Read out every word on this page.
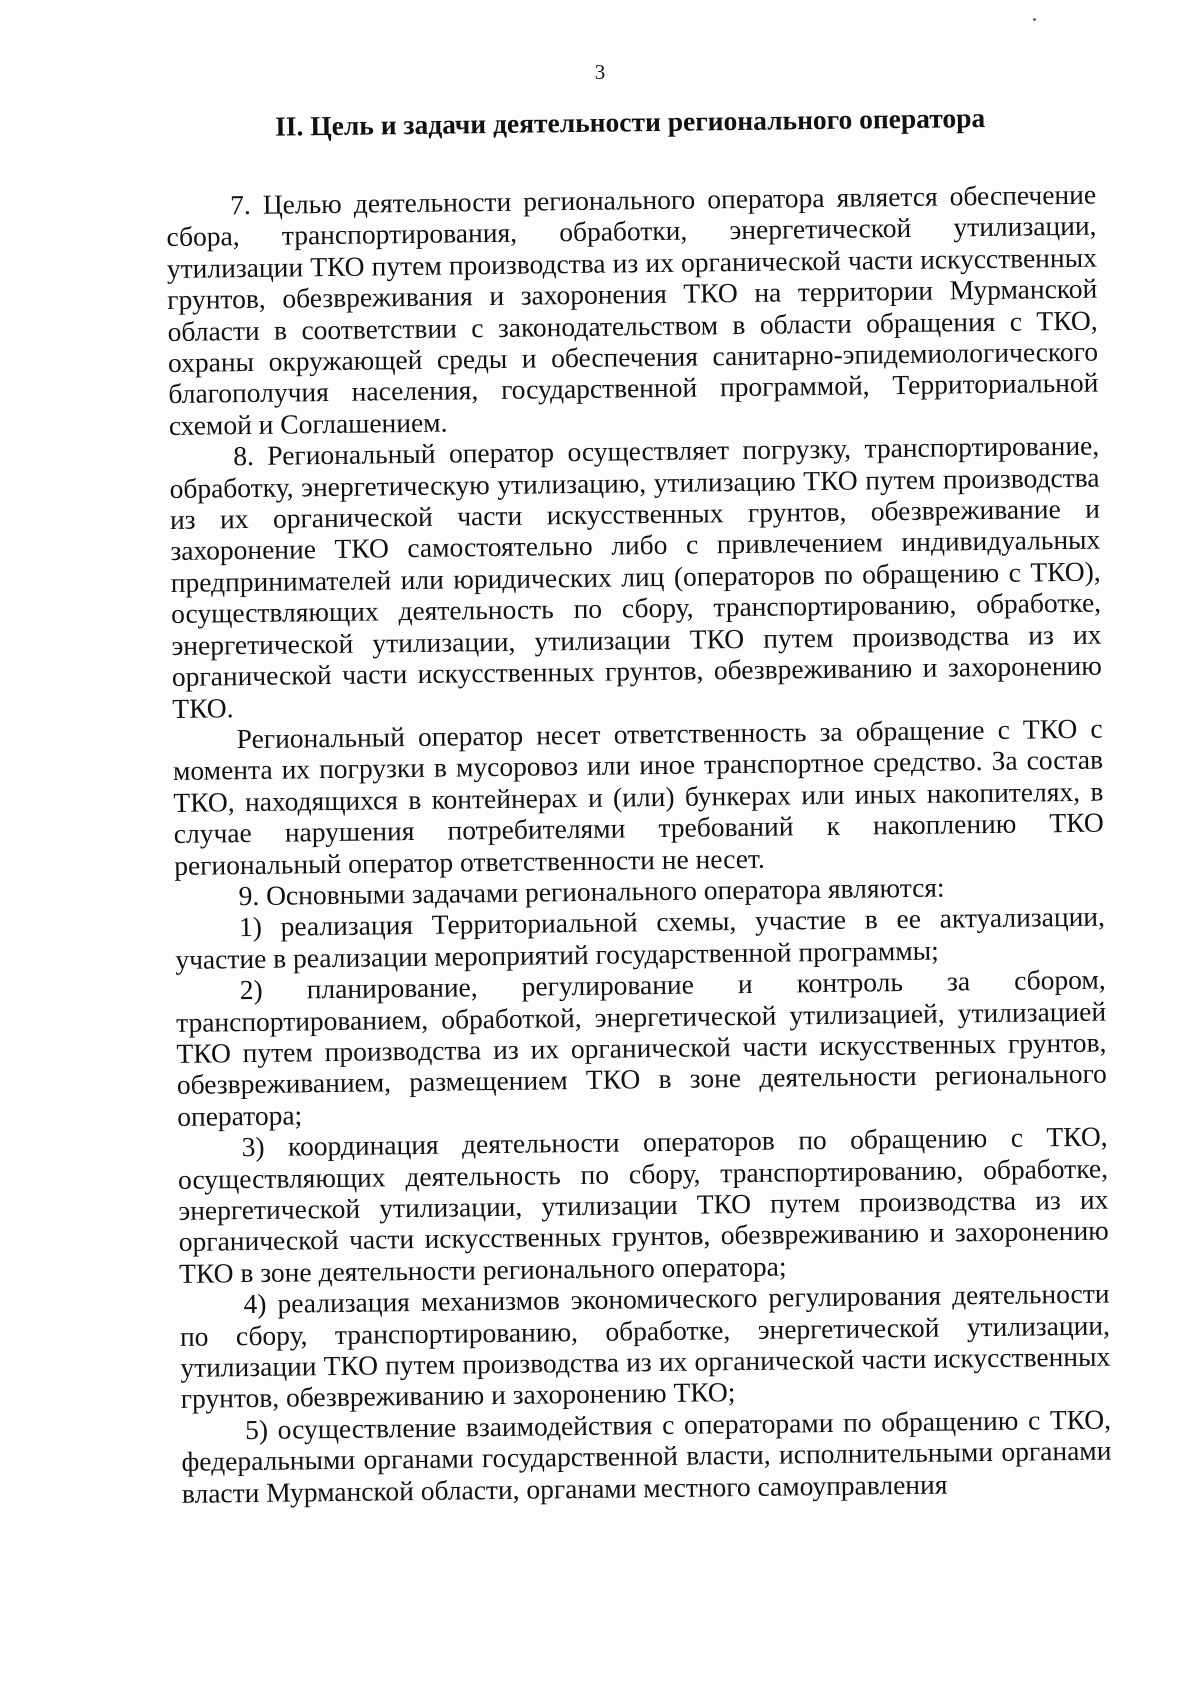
3
II. Цель и задачи деятельности регионального оператора

7. Целью деятельности регионального оператора является обеспечение сбора, транспортирования, обработки, энергетической утилизации, утилизации ТКО путем производства из их органической части искусственных грунтов, обезвреживания и захоронения ТКО на территории Мурманской области в соответствии с законодательством в области обращения с ТКО, охраны окружающей среды и обеспечения санитарно-эпидемиологического благополучия населения, государственной программой, Территориальной схемой и Соглашением.

8. Региональный оператор осуществляет погрузку, транспортирование, обработку, энергетическую утилизацию, утилизацию ТКО путем производства из их органической части искусственных грунтов, обезвреживание и захоронение ТКО самостоятельно либо с привлечением индивидуальных предпринимателей или юридических лиц (операторов по обращению с ТКО), осуществляющих деятельность по сбору, транспортированию, обработке, энергетической утилизации, утилизации ТКО путем производства из их органической части искусственных грунтов, обезвреживанию и захоронению ТКО.

Региональный оператор несет ответственность за обращение с ТКО с момента их погрузки в мусоровоз или иное транспортное средство. За состав ТКО, находящихся в контейнерах и (или) бункерах или иных накопителях, в случае нарушения потребителями требований к накоплению ТКО региональный оператор ответственности не несет.

9. Основными задачами регионального оператора являются:

1) реализация Территориальной схемы, участие в ее актуализации, участие в реализации мероприятий государственной программы;

2) планирование, регулирование и контроль за сбором, транспортированием, обработкой, энергетической утилизацией, утилизацией ТКО путем производства из их органической части искусственных грунтов, обезвреживанием, размещением ТКО в зоне деятельности регионального оператора;

3) координация деятельности операторов по обращению с ТКО, осуществляющих деятельность по сбору, транспортированию, обработке, энергетической утилизации, утилизации ТКО путем производства из их органической части искусственных грунтов, обезвреживанию и захоронению ТКО в зоне деятельности регионального оператора;

4) реализация механизмов экономического регулирования деятельности по сбору, транспортированию, обработке, энергетической утилизации, утилизации ТКО путем производства из их органической части искусственных грунтов, обезвреживанию и захоронению ТКО;

5) осуществление взаимодействия с операторами по обращению с ТКО, федеральными органами государственной власти, исполнительными органами власти Мурманской области, органами местного самоуправления
